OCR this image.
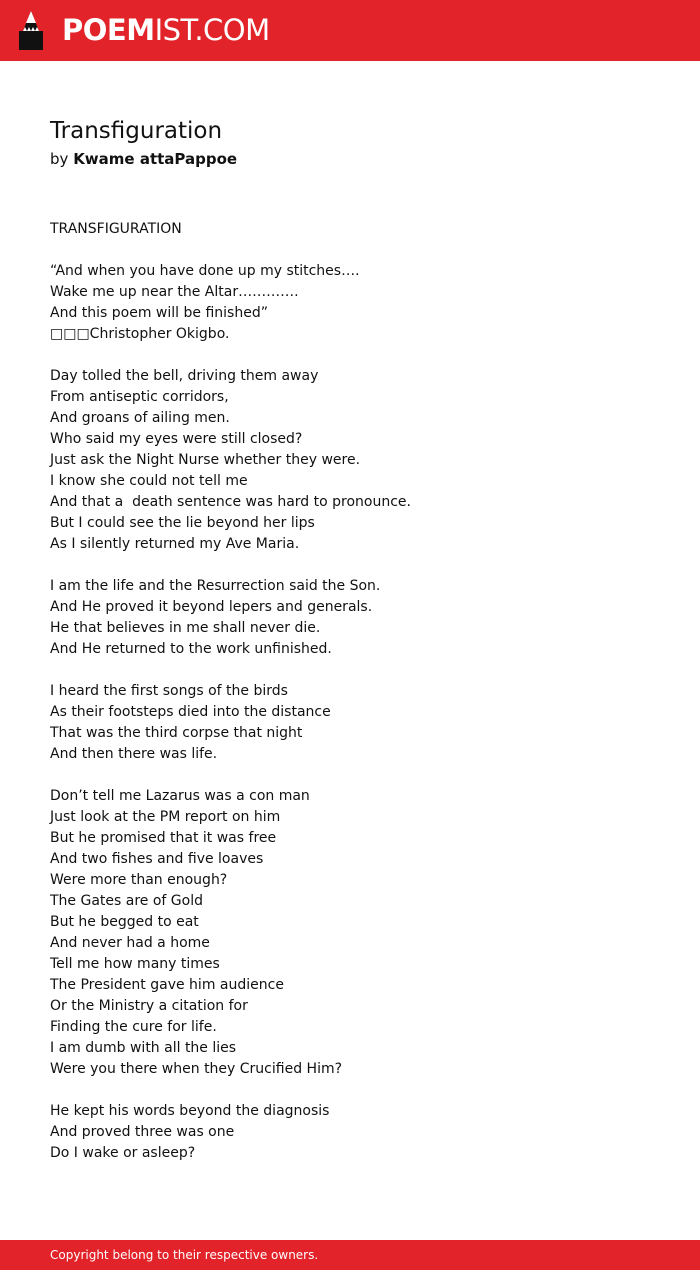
POEMIST.COM
Transfiguration
by Kwame attaPappoe
TRANSFIGURATION
“And when you have done up my stitches….
Wake me up near the Altar………….
And this poem will be finished”
□□□Christopher Okigbo.
Day tolled the bell, driving them away
From antiseptic corridors,
And groans of ailing men.
Who said my eyes were still closed?
Just ask the Night Nurse whether they were.
I know she could not tell me
And that a  death sentence was hard to pronounce.
But I could see the lie beyond her lips
As I silently returned my Ave Maria.
I am the life and the Resurrection said the Son.
And He proved it beyond lepers and generals.
He that believes in me shall never die.
And He returned to the work unfinished.
I heard the first songs of the birds
As their footsteps died into the distance
That was the third corpse that night
And then there was life.
Don’t tell me Lazarus was a con man
Just look at the PM report on him
But he promised that it was free
And two fishes and five loaves
Were more than enough?
The Gates are of Gold
But he begged to eat
And never had a home
Tell me how many times
The President gave him audience
Or the Ministry a citation for
Finding the cure for life.
I am dumb with all the lies
Were you there when they Crucified Him?
He kept his words beyond the diagnosis
And proved three was one
Do I wake or asleep?
Copyright belong to their respective owners.
